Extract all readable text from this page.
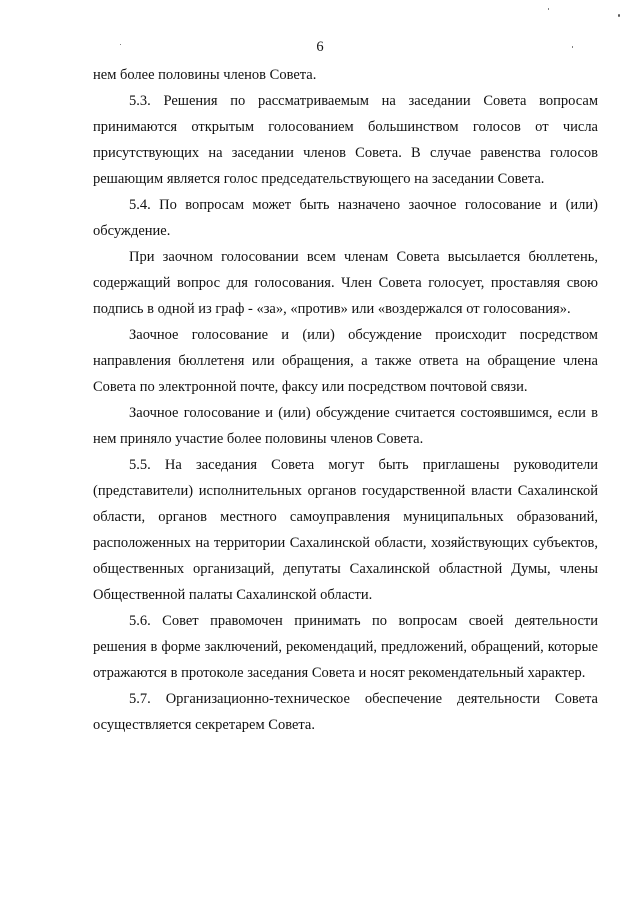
6

нем более половины членов Совета.

5.3. Решения по рассматриваемым на заседании Совета вопросам принимаются открытым голосованием большинством голосов от числа присутствующих на заседании членов Совета. В случае равенства голосов решающим является голос председательствующего на заседании Совета.

5.4. По вопросам может быть назначено заочное голосование и (или) обсуждение.

При заочном голосовании всем членам Совета высылается бюллетень, содержащий вопрос для голосования. Член Совета голосует, проставляя свою подпись в одной из граф - «за», «против» или «воздержался от голосования».

Заочное голосование и (или) обсуждение происходит посредством направления бюллетеня или обращения, а также ответа на обращение члена Совета по электронной почте, факсу или посредством почтовой связи.

Заочное голосование и (или) обсуждение считается состоявшимся, если в нем приняло участие более половины членов Совета.

5.5. На заседания Совета могут быть приглашены руководители (представители) исполнительных органов государственной власти Сахалинской области, органов местного самоуправления муниципальных образований, расположенных на территории Сахалинской области, хозяйствующих субъектов, общественных организаций, депутаты Сахалинской областной Думы, члены Общественной палаты Сахалинской области.

5.6. Совет правомочен принимать по вопросам своей деятельности решения в форме заключений, рекомендаций, предложений, обращений, которые отражаются в протоколе заседания Совета и носят рекомендательный характер.

5.7. Организационно-техническое обеспечение деятельности Совета осуществляется секретарем Совета.
